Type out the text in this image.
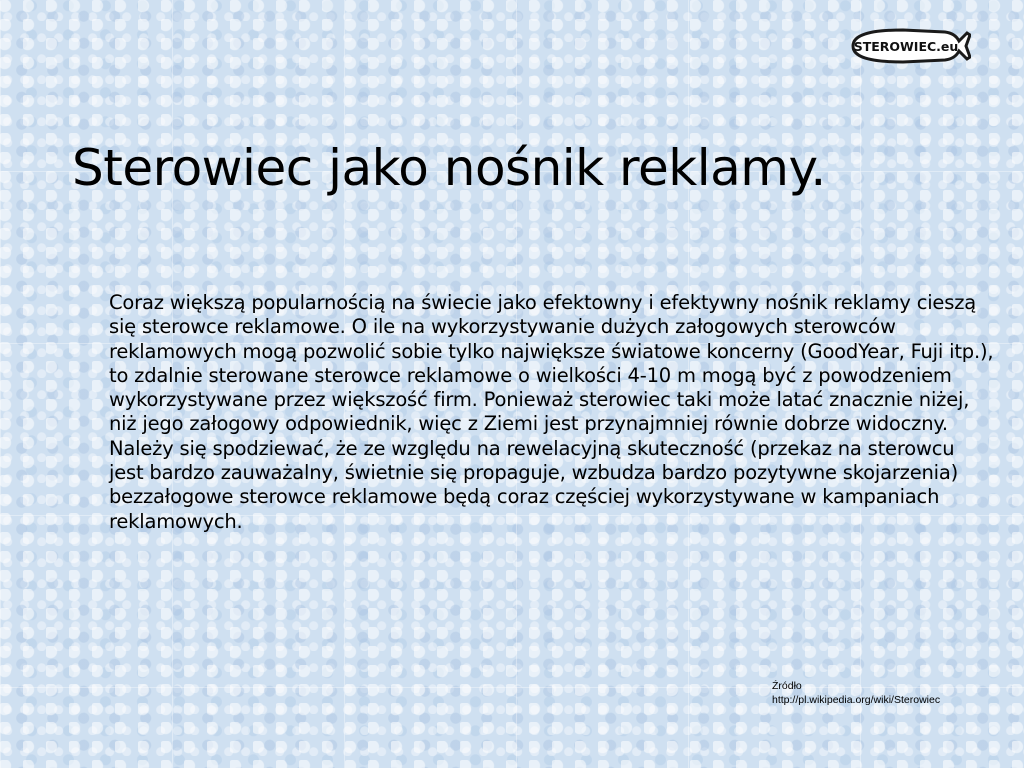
STEROWIEC.eu
Sterowiec jako nośnik reklamy.

Coraz większą popularnością na świecie jako efektowny i efektywny nośnik reklamy cieszą się sterowce reklamowe. O ile na wykorzystywanie dużych załogowych sterowców reklamowych mogą pozwolić sobie tylko największe światowe koncerny (GoodYear, Fuji itp.), to zdalnie sterowane sterowce reklamowe o wielkości 4-10 m mogą być z powodzeniem wykorzystywane przez większość firm. Ponieważ sterowiec taki może latać znacznie niżej, niż jego załogowy odpowiednik, więc z Ziemi jest przynajmniej równie dobrze widoczny. Należy się spodziewać, że ze względu na rewelacyjną skuteczność (przekaz na sterowcu jest bardzo zauważalny, świetnie się propaguje, wzbudza bardzo pozytywne skojarzenia) bezzałogowe sterowce reklamowe będą coraz częściej wykorzystywane w kampaniach reklamowych.

Źródło
http://pl.wikipedia.org/wiki/Sterowiec
